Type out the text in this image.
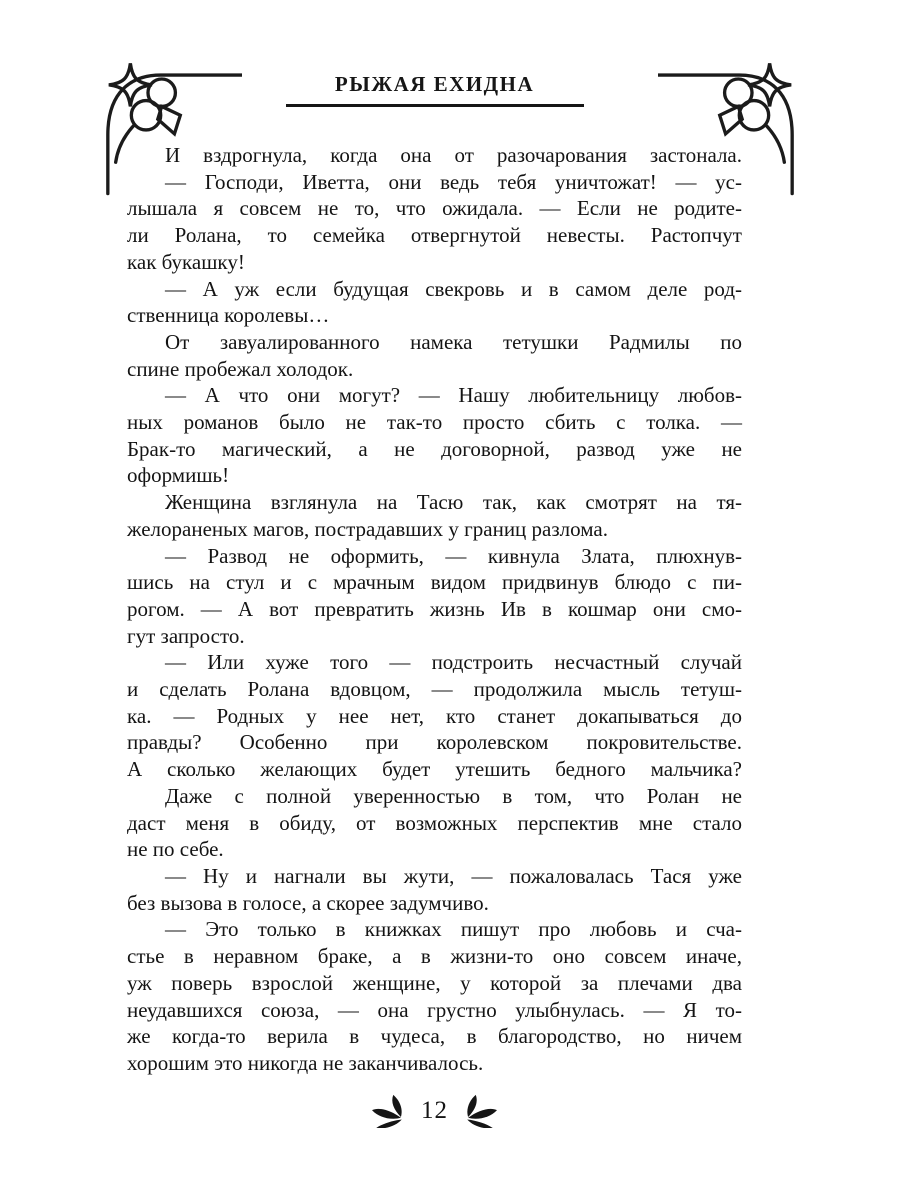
РЫЖАЯ ЕХИДНА

И вздрогнула, когда она от разочарования застонала.

— Господи, Иветта, они ведь тебя уничтожат! — ус-
лышала я совсем не то, что ожидала. — Если не родите-
ли Ролана, то семейка отвергнутой невесты. Растопчут
как букашку!

— А уж если будущая свекровь и в самом деле род-
ственница королевы…

От завуалированного намека тетушки Радмилы по
спине пробежал холодок.

— А что они могут? — Нашу любительницу любов-
ных романов было не так-то просто сбить с толка. —
Брак-то магический, а не договорной, развод уже не
оформишь!

Женщина взглянула на Тасю так, как смотрят на тя-
желораненых магов, пострадавших у границ разлома.

— Развод не оформить, — кивнула Злата, плюхнув-
шись на стул и с мрачным видом придвинув блюдо с пи-
рогом. — А вот превратить жизнь Ив в кошмар они смо-
гут запросто.

— Или хуже того — подстроить несчастный случай
и сделать Ролана вдовцом, — продолжила мысль тетуш-
ка. — Родных у нее нет, кто станет докапываться до
правды? Особенно при королевском покровительстве.
А сколько желающих будет утешить бедного мальчика?

Даже с полной уверенностью в том, что Ролан не
даст меня в обиду, от возможных перспектив мне стало
не по себе.

— Ну и нагнали вы жути, — пожаловалась Тася уже
без вызова в голосе, а скорее задумчиво.

— Это только в книжках пишут про любовь и сча-
стье в неравном браке, а в жизни-то оно совсем иначе,
уж поверь взрослой женщине, у которой за плечами два
неудавшихся союза, — она грустно улыбнулась. — Я то-
же когда-то верила в чудеса, в благородство, но ничем
хорошим это никогда не заканчивалось.

12
